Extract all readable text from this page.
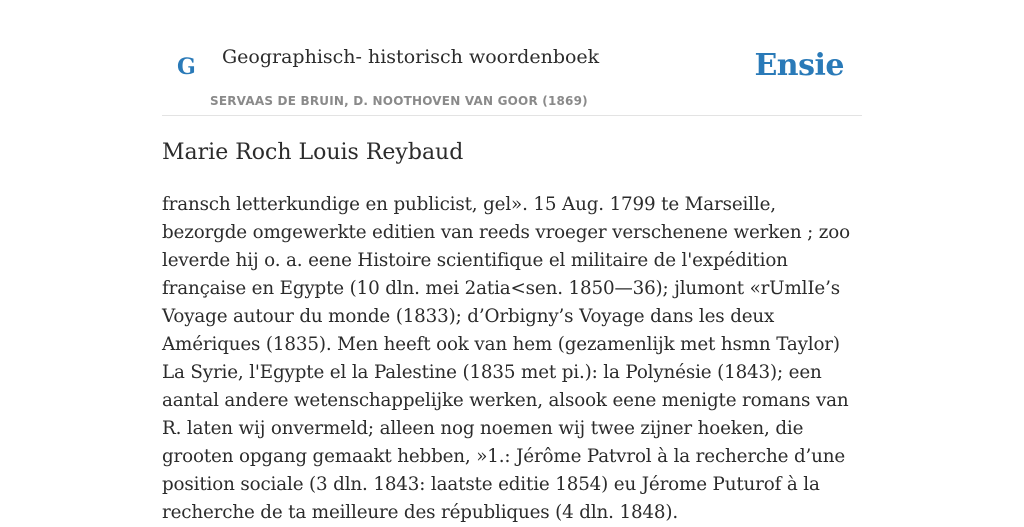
G Geographisch- historisch woordenboek
SERVAAS DE BRUIN, D. NOOTHOVEN VAN GOOR (1869)
Ensie
Marie Roch Louis Reybaud

fransch letterkundige en publicist, gel». 15 Aug. 1799 te Marseille, bezorgde omgewerkte editien van reeds vroeger verschenene werken ; zoo leverde hij o. a. eene Histoire scientifique el militaire de l'expédition française en Egypte (10 dln. mei 2atia<sen. 1850—36); jlumont «rUmlIe’s Voyage autour du monde (1833); d’Orbigny’s Voyage dans les deux Amériques (1835). Men heeft ook van hem (gezamenlijk met hsmn Taylor) La Syrie, l'Egypte el la Palestine (1835 met pi.): la Polynésie (1843); een aantal andere wetenschappelijke werken, alsook eene menigte romans van R. laten wij onvermeld; alleen nog noemen wij twee zijner hoeken, die grooten opgang gemaakt hebben, »1.: Jérôme Patvrol à la recherche d’une position sociale (3 dln. 1843: laatste editie 1854) eu Jérome Puturof à la recherche de ta meilleure des républiques (4 dln. 1848).
